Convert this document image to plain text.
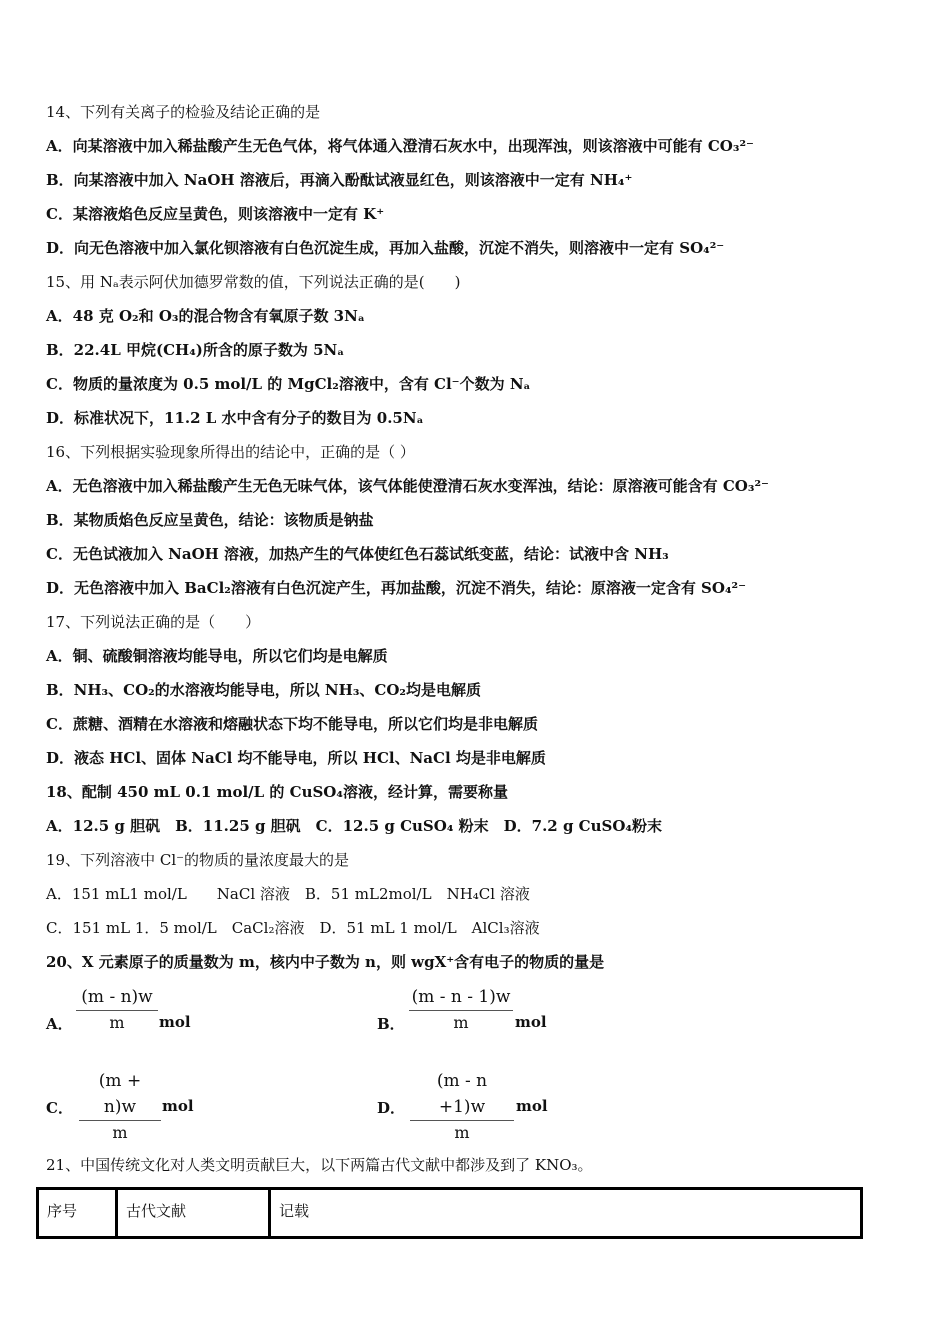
14、下列有关离子的检验及结论正确的是
A．向某溶液中加入稀盐酸产生无色气体，将气体通入澄清石灰水中，出现浑浊，则该溶液中可能有 CO₃²⁻
B．向某溶液中加入 NaOH 溶液后，再滴入酚酞试液显红色，则该溶液中一定有 NH₄⁺
C．某溶液焰色反应呈黄色，则该溶液中一定有 K⁺
D．向无色溶液中加入氯化钡溶液有白色沉淀生成，再加入盐酸，沉淀不消失，则溶液中一定有 SO₄²⁻
15、用 Nₐ表示阿伏加德罗常数的值，下列说法正确的是(　　)
A．48 克 O₂和 O₃的混合物含有氧原子数 3Nₐ
B．22.4L 甲烷(CH₄)所含的原子数为 5Nₐ
C．物质的量浓度为 0.5 mol/L 的 MgCl₂溶液中，含有 Cl⁻个数为 Nₐ
D．标准状况下，11.2 L 水中含有分子的数目为 0.5Nₐ
16、下列根据实验现象所得出的结论中，正确的是（ ）
A．无色溶液中加入稀盐酸产生无色无味气体，该气体能使澄清石灰水变浑浊，结论：原溶液可能含有 CO₃²⁻
B．某物质焰色反应呈黄色，结论：该物质是钠盐
C．无色试液加入 NaOH 溶液，加热产生的气体使红色石蕊试纸变蓝，结论：试液中含 NH₃
D．无色溶液中加入 BaCl₂溶液有白色沉淀产生，再加盐酸，沉淀不消失，结论：原溶液一定含有 SO₄²⁻
17、下列说法正确的是（　　）
A．铜、硫酸铜溶液均能导电，所以它们均是电解质
B．NH₃、CO₂的水溶液均能导电，所以 NH₃、CO₂均是电解质
C．蔗糖、酒精在水溶液和熔融状态下均不能导电，所以它们均是非电解质
D．液态 HCl、固体 NaCl 均不能导电，所以 HCl、NaCl 均是非电解质
18、配制 450 mL 0.1 mol/L 的 CuSO₄溶液，经计算，需要称量
A．12.5 g 胆矾　B．11.25 g 胆矾　C．12.5 g CuSO₄ 粉末　D．7.2 g CuSO₄粉末
19、下列溶液中 Cl⁻的物质的量浓度最大的是
A．151 mL1 mol/L　　NaCl 溶液　B．51 mL2mol/L　NH₄Cl 溶液
C．151 mL 1．5 mol/L　CaCl₂溶液　D．51 mL 1 mol/L　AlCl₃溶液
20、X 元素原子的质量数为 m，核内中子数为 n，则 wgX⁺含有电子的物质的量是
A． $\frac{(m - n)w}{m}$ mol	B． $\frac{(m - n - 1)w}{m}$ mol
C． $\frac{(m + n)w}{m}$ mol	D． $\frac{(m - n +1)w}{m}$ mol
21、中国传统文化对人类文明贡献巨大，以下两篇古代文献中都涉及到了 KNO₃。
序号	古代文献	记载
